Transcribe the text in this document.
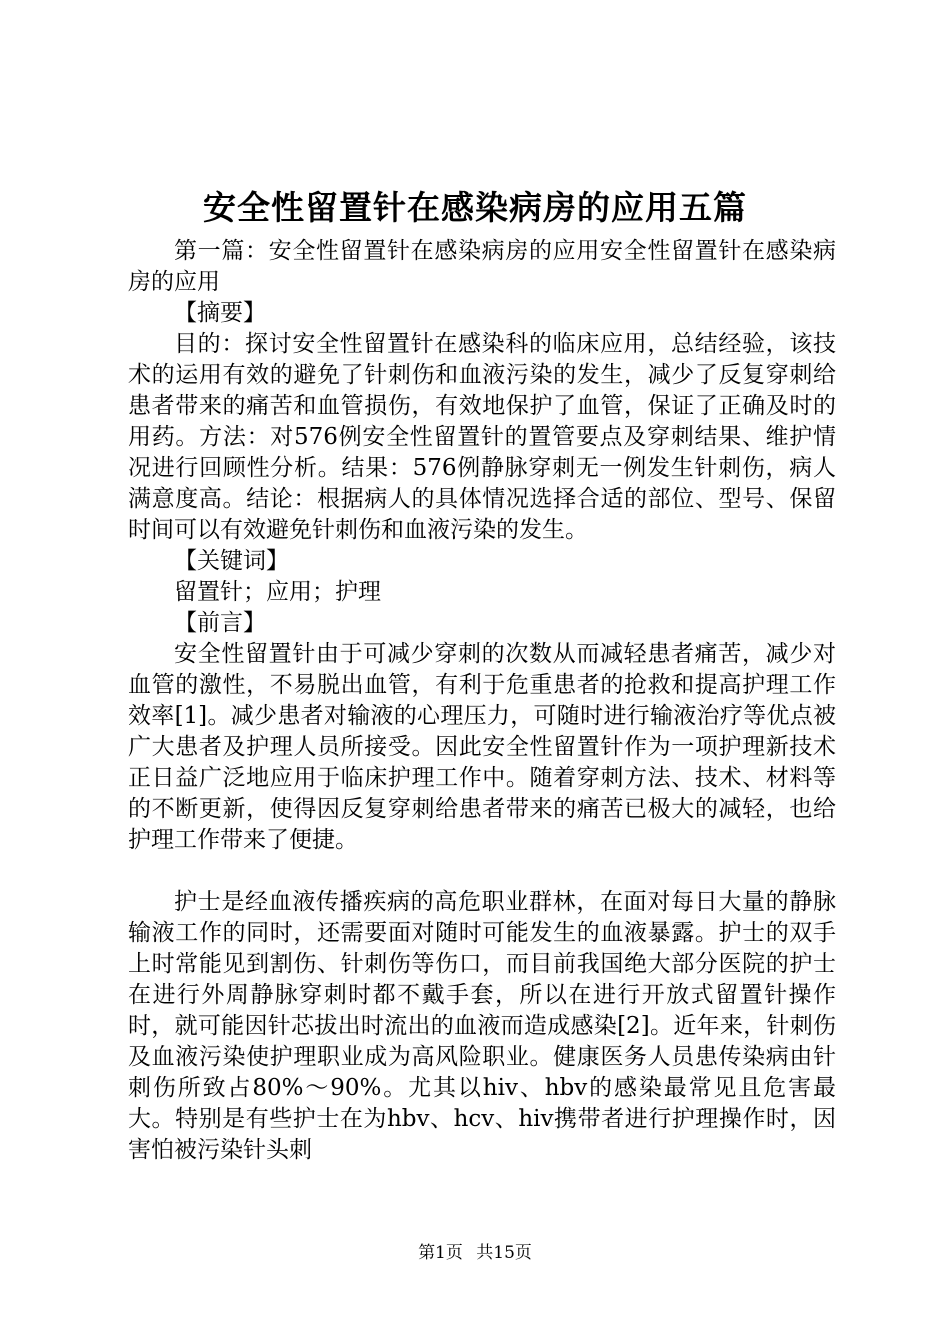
安全性留置针在感染病房的应用五篇

第一篇：安全性留置针在感染病房的应用安全性留置针在感染病房的应用

【摘要】

目的：探讨安全性留置针在感染科的临床应用，总结经验，该技术的运用有效的避免了针刺伤和血液污染的发生，减少了反复穿刺给患者带来的痛苦和血管损伤，有效地保护了血管，保证了正确及时的用药。方法：对576例安全性留置针的置管要点及穿刺结果、维护情况进行回顾性分析。结果：576例静脉穿刺无一例发生针刺伤，病人满意度高。结论：根据病人的具体情况选择合适的部位、型号、保留时间可以有效避免针刺伤和血液污染的发生。

【关键词】

留置针；应用；护理

【前言】

安全性留置针由于可减少穿刺的次数从而减轻患者痛苦，减少对血管的激性，不易脱出血管，有利于危重患者的抢救和提高护理工作效率[1]。减少患者对输液的心理压力，可随时进行输液治疗等优点被广大患者及护理人员所接受。因此安全性留置针作为一项护理新技术正日益广泛地应用于临床护理工作中。随着穿刺方法、技术、材料等的不断更新，使得因反复穿刺给患者带来的痛苦已极大的减轻，也给护理工作带来了便捷。

护士是经血液传播疾病的高危职业群林，在面对每日大量的静脉输液工作的同时，还需要面对随时可能发生的血液暴露。护士的双手上时常能见到割伤、针刺伤等伤口，而目前我国绝大部分医院的护士在进行外周静脉穿刺时都不戴手套，所以在进行开放式留置针操作时，就可能因针芯拔出时流出的血液而造成感染[2]。近年来，针刺伤及血液污染使护理职业成为高风险职业。健康医务人员患传染病由针刺伤所致占80%～90%。尤其以hiv、hbv的感染最常见且危害最大。特别是有些护士在为hbv、hcv、hiv携带者进行护理操作时，因害怕被污染针头刺

第1页 共15页
